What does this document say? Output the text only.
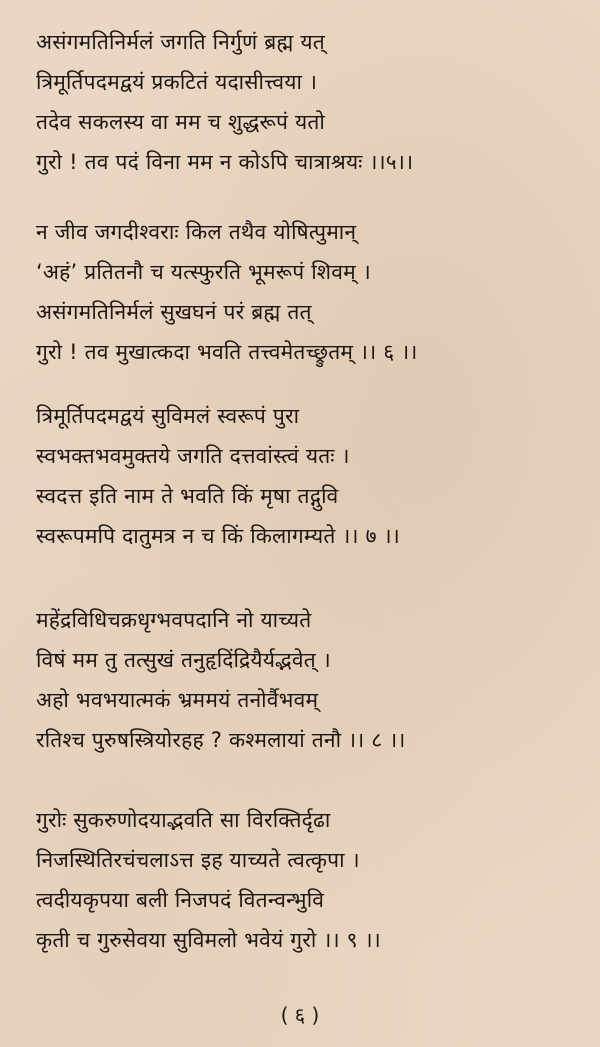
असंगमतिनिर्मलं जगति निर्गुणं ब्रह्म यत्
त्रिमूर्तिपदमद्वयं प्रकटितं यदासीत्त्वया ।
तदेव सकलस्य वा मम च शुद्धरूपं यतो
गुरो ! तव पदं विना मम न कोऽपि चात्राश्रयः ।।५।।
न जीव जगदीश्वराः किल तथैव योषित्पुमान्
‘अहं’ प्रतितनौ च यत्स्फुरति भूमरूपं शिवम् ।
असंगमतिनिर्मलं सुखघनं परं ब्रह्म तत्
गुरो ! तव मुखात्कदा भवति तत्त्वमेतच्छ्रुतम् ।। ६ ।।
त्रिमूर्तिपदमद्वयं सुविमलं स्वरूपं पुरा
स्वभक्तभवमुक्तये जगति दत्तवांस्त्वं यतः ।
स्वदत्त इति नाम ते भवति किं मृषा तद्गुवि
स्वरूपमपि दातुमत्र न च किं किलागम्यते ।। ७ ।।
महेंद्रविधिचक्रधृग्भवपदानि नो याच्यते
विषं मम तु तत्सुखं तनुहृदिंद्रियैर्यद्भवेत् ।
अहो भवभयात्मकं भ्रममयं तनोर्वैभवम्
रतिश्च पुरुषस्त्रियोरहह ? कश्मलायां तनौ ।। ८ ।।
गुरोः सुकरुणोदयाद्भवति सा विरक्तिर्दृढा
निजस्थितिरचंचलाऽत्त इह याच्यते त्वत्कृपा ।
त्वदीयकृपया बली निजपदं वितन्वन्भुवि
कृती च गुरुसेवया सुविमलो भवेयं गुरो ।। ९ ।।
( ६ )
